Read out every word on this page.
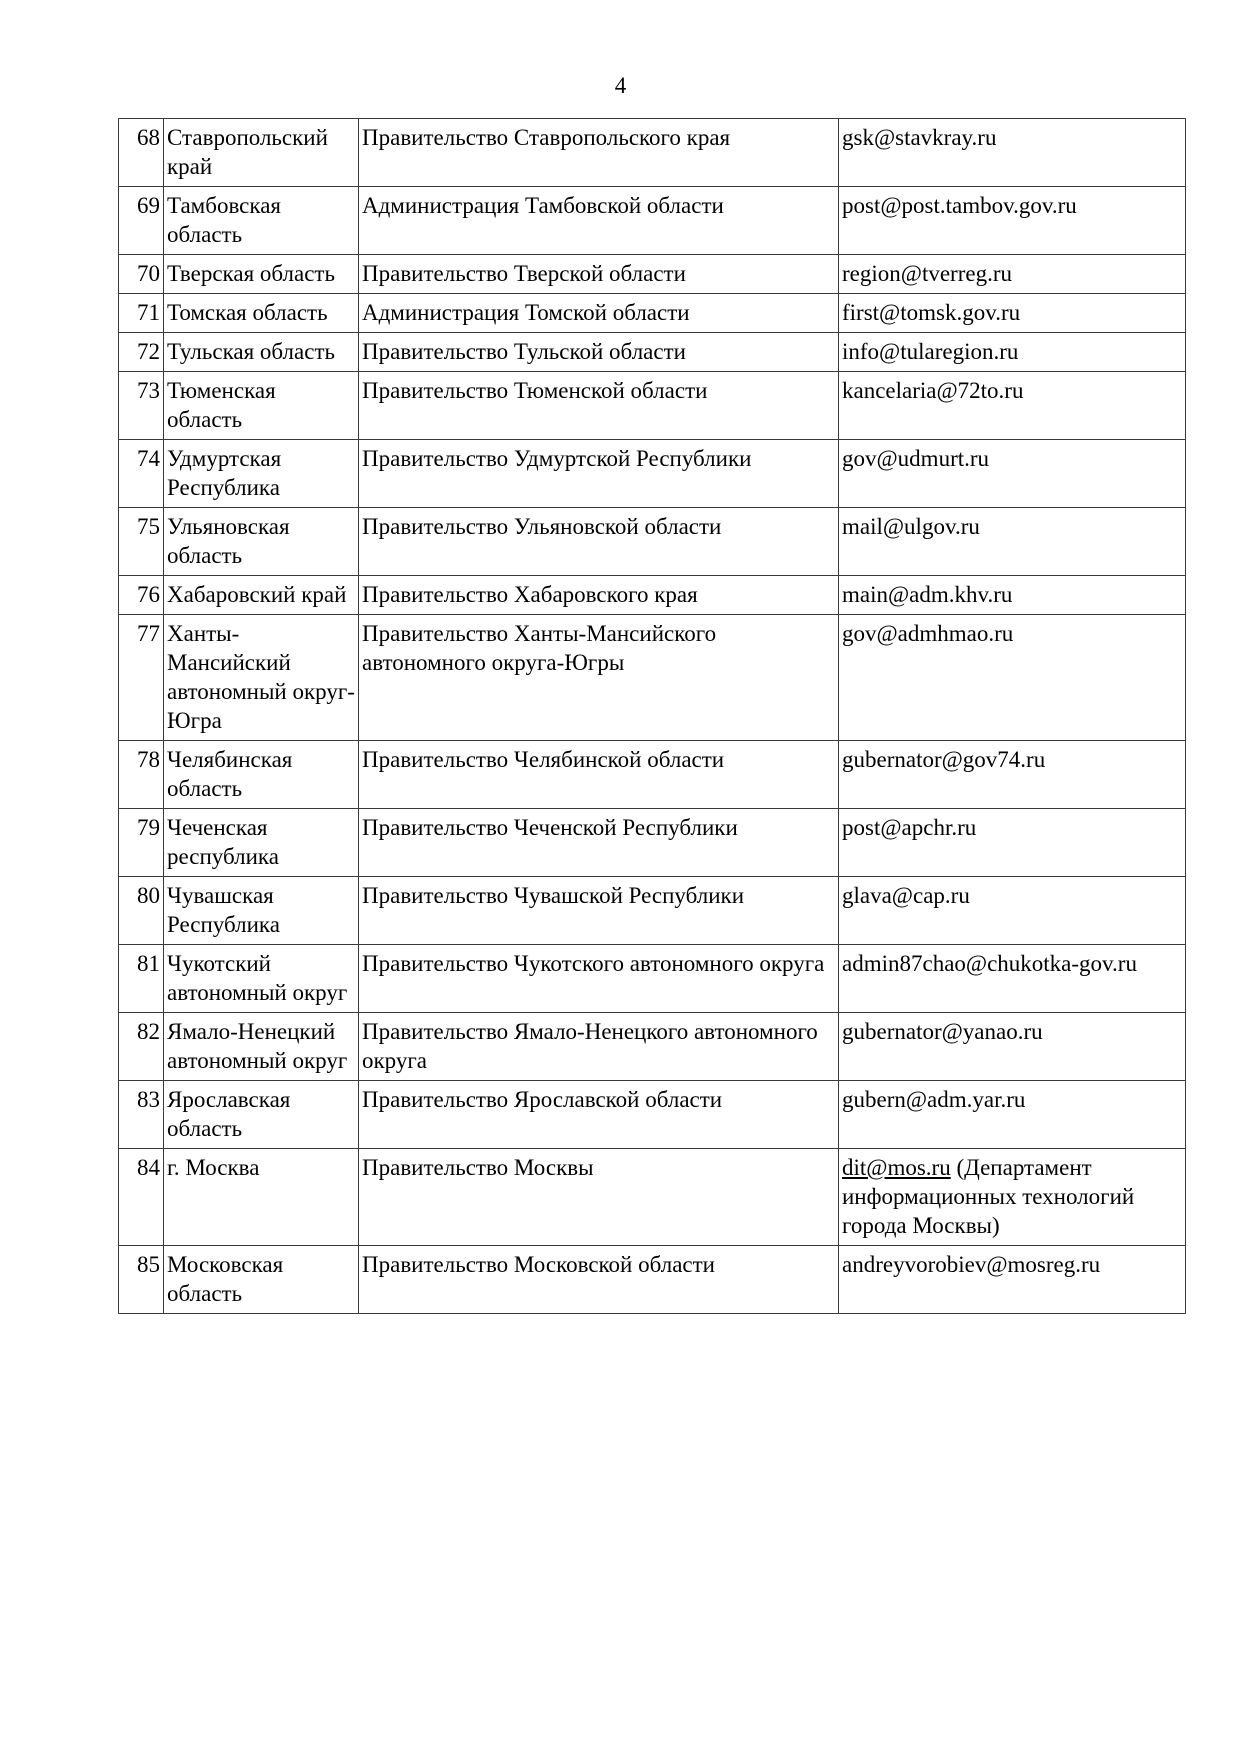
4
68	Ставропольский край	Правительство Ставропольского края	gsk@stavkray.ru
69	Тамбовская область	Администрация Тамбовской области	post@post.tambov.gov.ru
70	Тверская область	Правительство Тверской области	region@tverreg.ru
71	Томская область	Администрация Томской области	first@tomsk.gov.ru
72	Тульская область	Правительство Тульской области	info@tularegion.ru
73	Тюменская область	Правительство Тюменской области	kancelaria@72to.ru
74	Удмуртская Республика	Правительство Удмуртской Республики	gov@udmurt.ru
75	Ульяновская область	Правительство Ульяновской области	mail@ulgov.ru
76	Хабаровский край	Правительство Хабаровского края	main@adm.khv.ru
77	Ханты-Мансийский автономный округ-Югра	Правительство Ханты-Мансийского автономного округа-Югры	gov@admhmao.ru
78	Челябинская область	Правительство Челябинской области	gubernator@gov74.ru
79	Чеченская республика	Правительство Чеченской Республики	post@apchr.ru
80	Чувашская Республика	Правительство Чувашской Республики	glava@cap.ru
81	Чукотский автономный округ	Правительство Чукотского автономного округа	admin87chao@chukotka-gov.ru
82	Ямало-Ненецкий автономный округ	Правительство Ямало-Ненецкого автономного округа	gubernator@yanao.ru
83	Ярославская область	Правительство Ярославской области	gubern@adm.yar.ru
84	г. Москва	Правительство Москвы	dit@mos.ru (Департамент информационных технологий города Москвы)
85	Московская область	Правительство Московской области	andreyvorobiev@mosreg.ru
